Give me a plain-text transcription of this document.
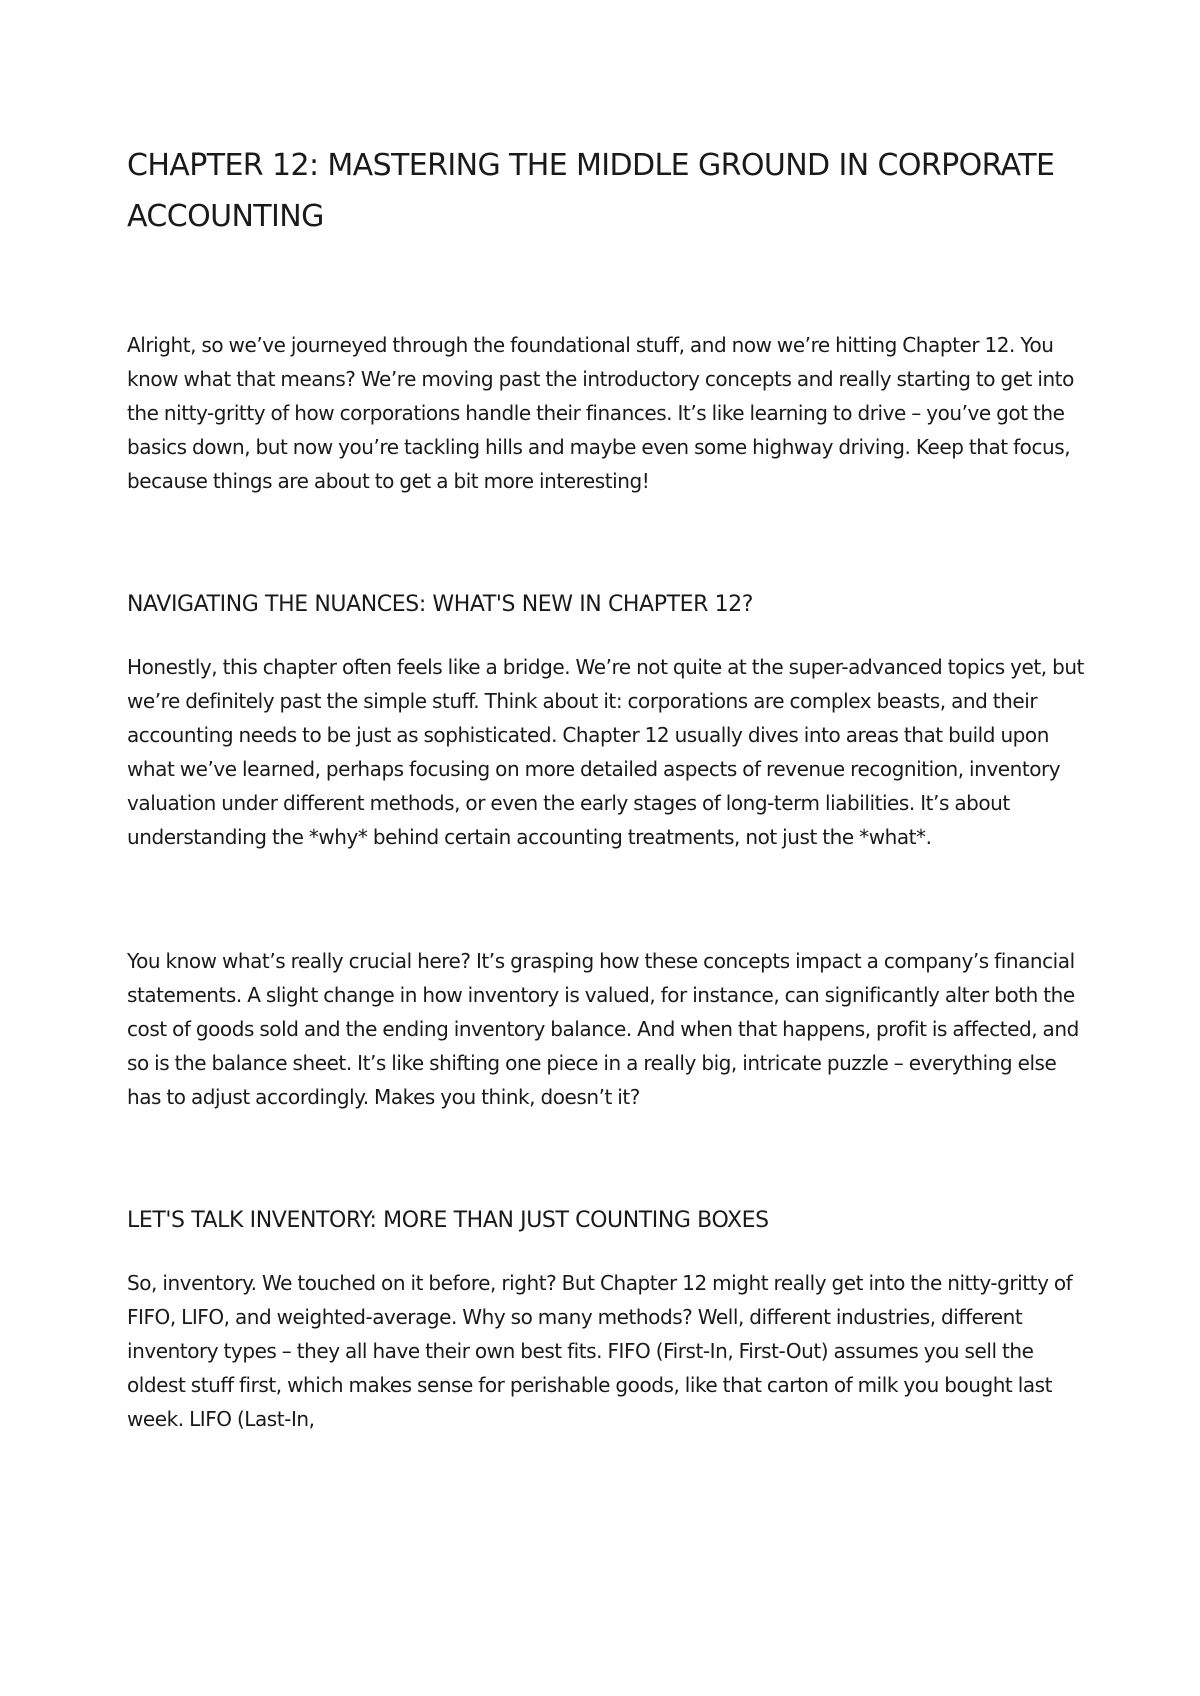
CHAPTER 12: MASTERING THE MIDDLE GROUND IN CORPORATE ACCOUNTING

Alright, so we’ve journeyed through the foundational stuff, and now we’re hitting Chapter 12. You know what that means? We’re moving past the introductory concepts and really starting to get into the nitty-gritty of how corporations handle their finances. It’s like learning to drive – you’ve got the basics down, but now you’re tackling hills and maybe even some highway driving. Keep that focus, because things are about to get a bit more interesting!

NAVIGATING THE NUANCES: WHAT'S NEW IN CHAPTER 12?

Honestly, this chapter often feels like a bridge. We’re not quite at the super-advanced topics yet, but we’re definitely past the simple stuff. Think about it: corporations are complex beasts, and their accounting needs to be just as sophisticated. Chapter 12 usually dives into areas that build upon what we’ve learned, perhaps focusing on more detailed aspects of revenue recognition, inventory valuation under different methods, or even the early stages of long-term liabilities. It’s about understanding the *why* behind certain accounting treatments, not just the *what*.

You know what’s really crucial here? It’s grasping how these concepts impact a company’s financial statements. A slight change in how inventory is valued, for instance, can significantly alter both the cost of goods sold and the ending inventory balance. And when that happens, profit is affected, and so is the balance sheet. It’s like shifting one piece in a really big, intricate puzzle – everything else has to adjust accordingly. Makes you think, doesn’t it?

LET'S TALK INVENTORY: MORE THAN JUST COUNTING BOXES

So, inventory. We touched on it before, right? But Chapter 12 might really get into the nitty-gritty of FIFO, LIFO, and weighted-average. Why so many methods? Well, different industries, different inventory types – they all have their own best fits. FIFO (First-In, First-Out) assumes you sell the oldest stuff first, which makes sense for perishable goods, like that carton of milk you bought last week. LIFO (Last-In,
